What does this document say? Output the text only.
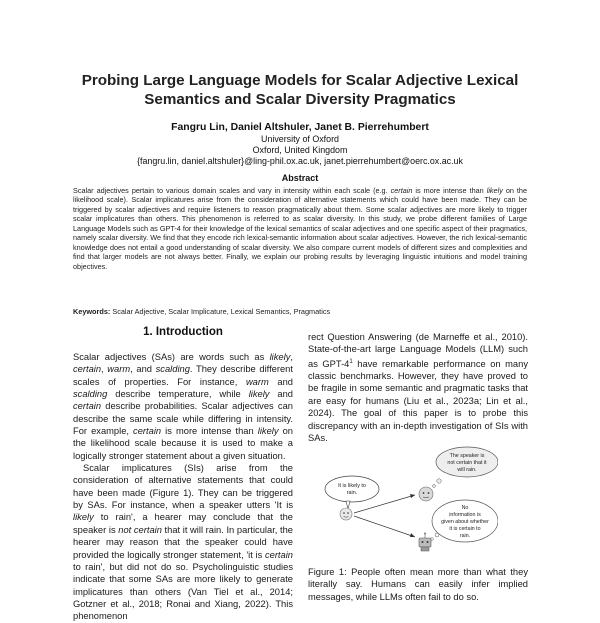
Probing Large Language Models for Scalar Adjective Lexical
Semantics and Scalar Diversity Pragmatics
Fangru Lin, Daniel Altshuler, Janet B. Pierrehumbert
University of Oxford
Oxford, United Kingdom
{fangru.lin, daniel.altshuler}@ling-phil.ox.ac.uk, janet.pierrehumbert@oerc.ox.ac.uk
Abstract
Scalar adjectives pertain to various domain scales and vary in intensity within each scale (e.g. certain is more intense than likely on the likelihood scale). Scalar implicatures arise from the consideration of alternative statements which could have been made. They can be triggered by scalar adjectives and require listeners to reason pragmatically about them. Some scalar adjectives are more likely to trigger scalar implicatures than others. This phenomenon is referred to as scalar diversity. In this study, we probe different families of Large Language Models such as GPT-4 for their knowledge of the lexical semantics of scalar adjectives and one specific aspect of their pragmatics, namely scalar diversity. We find that they encode rich lexical-semantic information about scalar adjectives. However, the rich lexical-semantic knowledge does not entail a good understanding of scalar diversity. We also compare current models of different sizes and complexities and find that larger models are not always better. Finally, we explain our probing results by leveraging linguistic intuitions and model training objectives.
Keywords: Scalar Adjective, Scalar Implicature, Lexical Semantics, Pragmatics
1. Introduction

Scalar adjectives (SAs) are words such as likely, certain, warm, and scalding. They describe different scales of properties. For instance, warm and scalding describe temperature, while likely and certain describe probabilities. Scalar adjectives can describe the same scale while differing in intensity. For example, certain is more intense than likely on the likelihood scale because it is used to make a logically stronger statement about a given situation.

Scalar implicatures (SIs) arise from the consideration of alternative statements that could have been made (Figure 1). They can be triggered by SAs. For instance, when a speaker utters 'It is likely to rain', a hearer may conclude that the speaker is not certain that it will rain. In particular, the hearer may reason that the speaker could have provided the logically stronger statement, 'it is certain to rain', but did not do so. Psycholinguistic studies indicate that some SAs are more likely to generate implicatures than others (Van Tiel et al., 2014; Gotzner et al., 2018; Ronai and Xiang, 2022). This phenomenon

rect Question Answering (de Marneffe et al., 2010). State-of-the-art large Language Models (LLM) such as GPT-$4^1$ have remarkable performance on many classic benchmarks. However, they have proved to be fragile in some semantic and pragmatic tasks that are easy for humans (Liu et al., 2023a; Lin et al., 2024). The goal of this paper is to probe this discrepancy with an in-depth investigation of SIs with SAs.

It is likely to
rain.
The speaker is
not certain that it
will rain.
No
information is
given about whether
it is certain to
rain.
Figure 1: People often mean more than what they literally say. Humans can easily infer implied messages, while LLMs often fail to do so.
